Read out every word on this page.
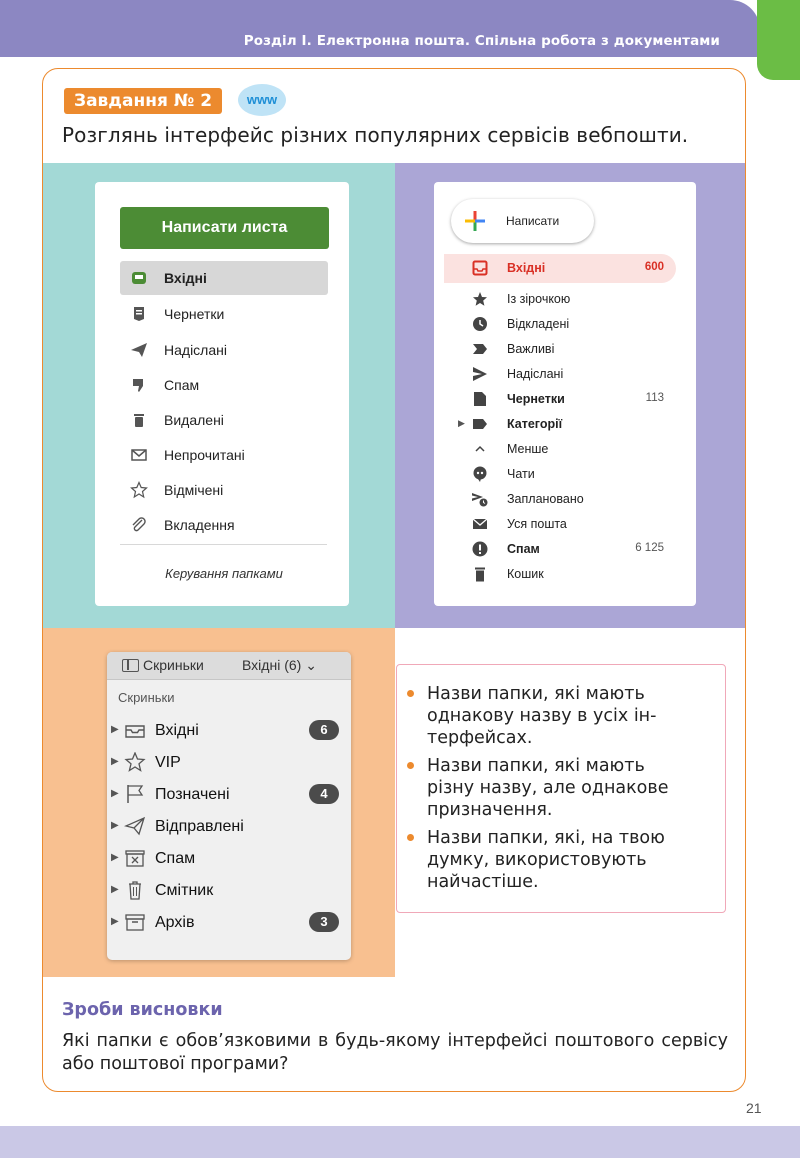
Розділ І. Електронна пошта. Спільна робота з документами
Завдання № 2	www
Розглянь інтерфейс різних популярних сервісів вебпошти.
Написати листа
Вхідні
Чернетки
Надіслані
Спам
Видалені
Непрочитані
Відмічені
Вкладення
Керування папками
Написати
Вхідні	600
Із зірочкою
Відкладені
Важливі
Надіслані
Чернетки	113
▶	Категорії
Менше
Чати
Заплановано
Уся пошта
Спам	6 125
Кошик
Скриньки	Вхідні (6) ⌄
Скриньки
▶ Вхідні	6
▶ VIP
▶ Позначені	4
▶ Відправлені
▶ Спам
▶ Смітник
▶ Архів	3
Назви папки, які мають
однакову назву в усіх ін-
терфейсах.
Назви папки, які мають
різну назву, але однакове
призначення.
Назви папки, які, на твою
думку, використовують
найчастіше.
Зроби висновки
Які папки є обов’язковими в будь-якому інтерфейсі поштового сервісу або поштової програми?
21
